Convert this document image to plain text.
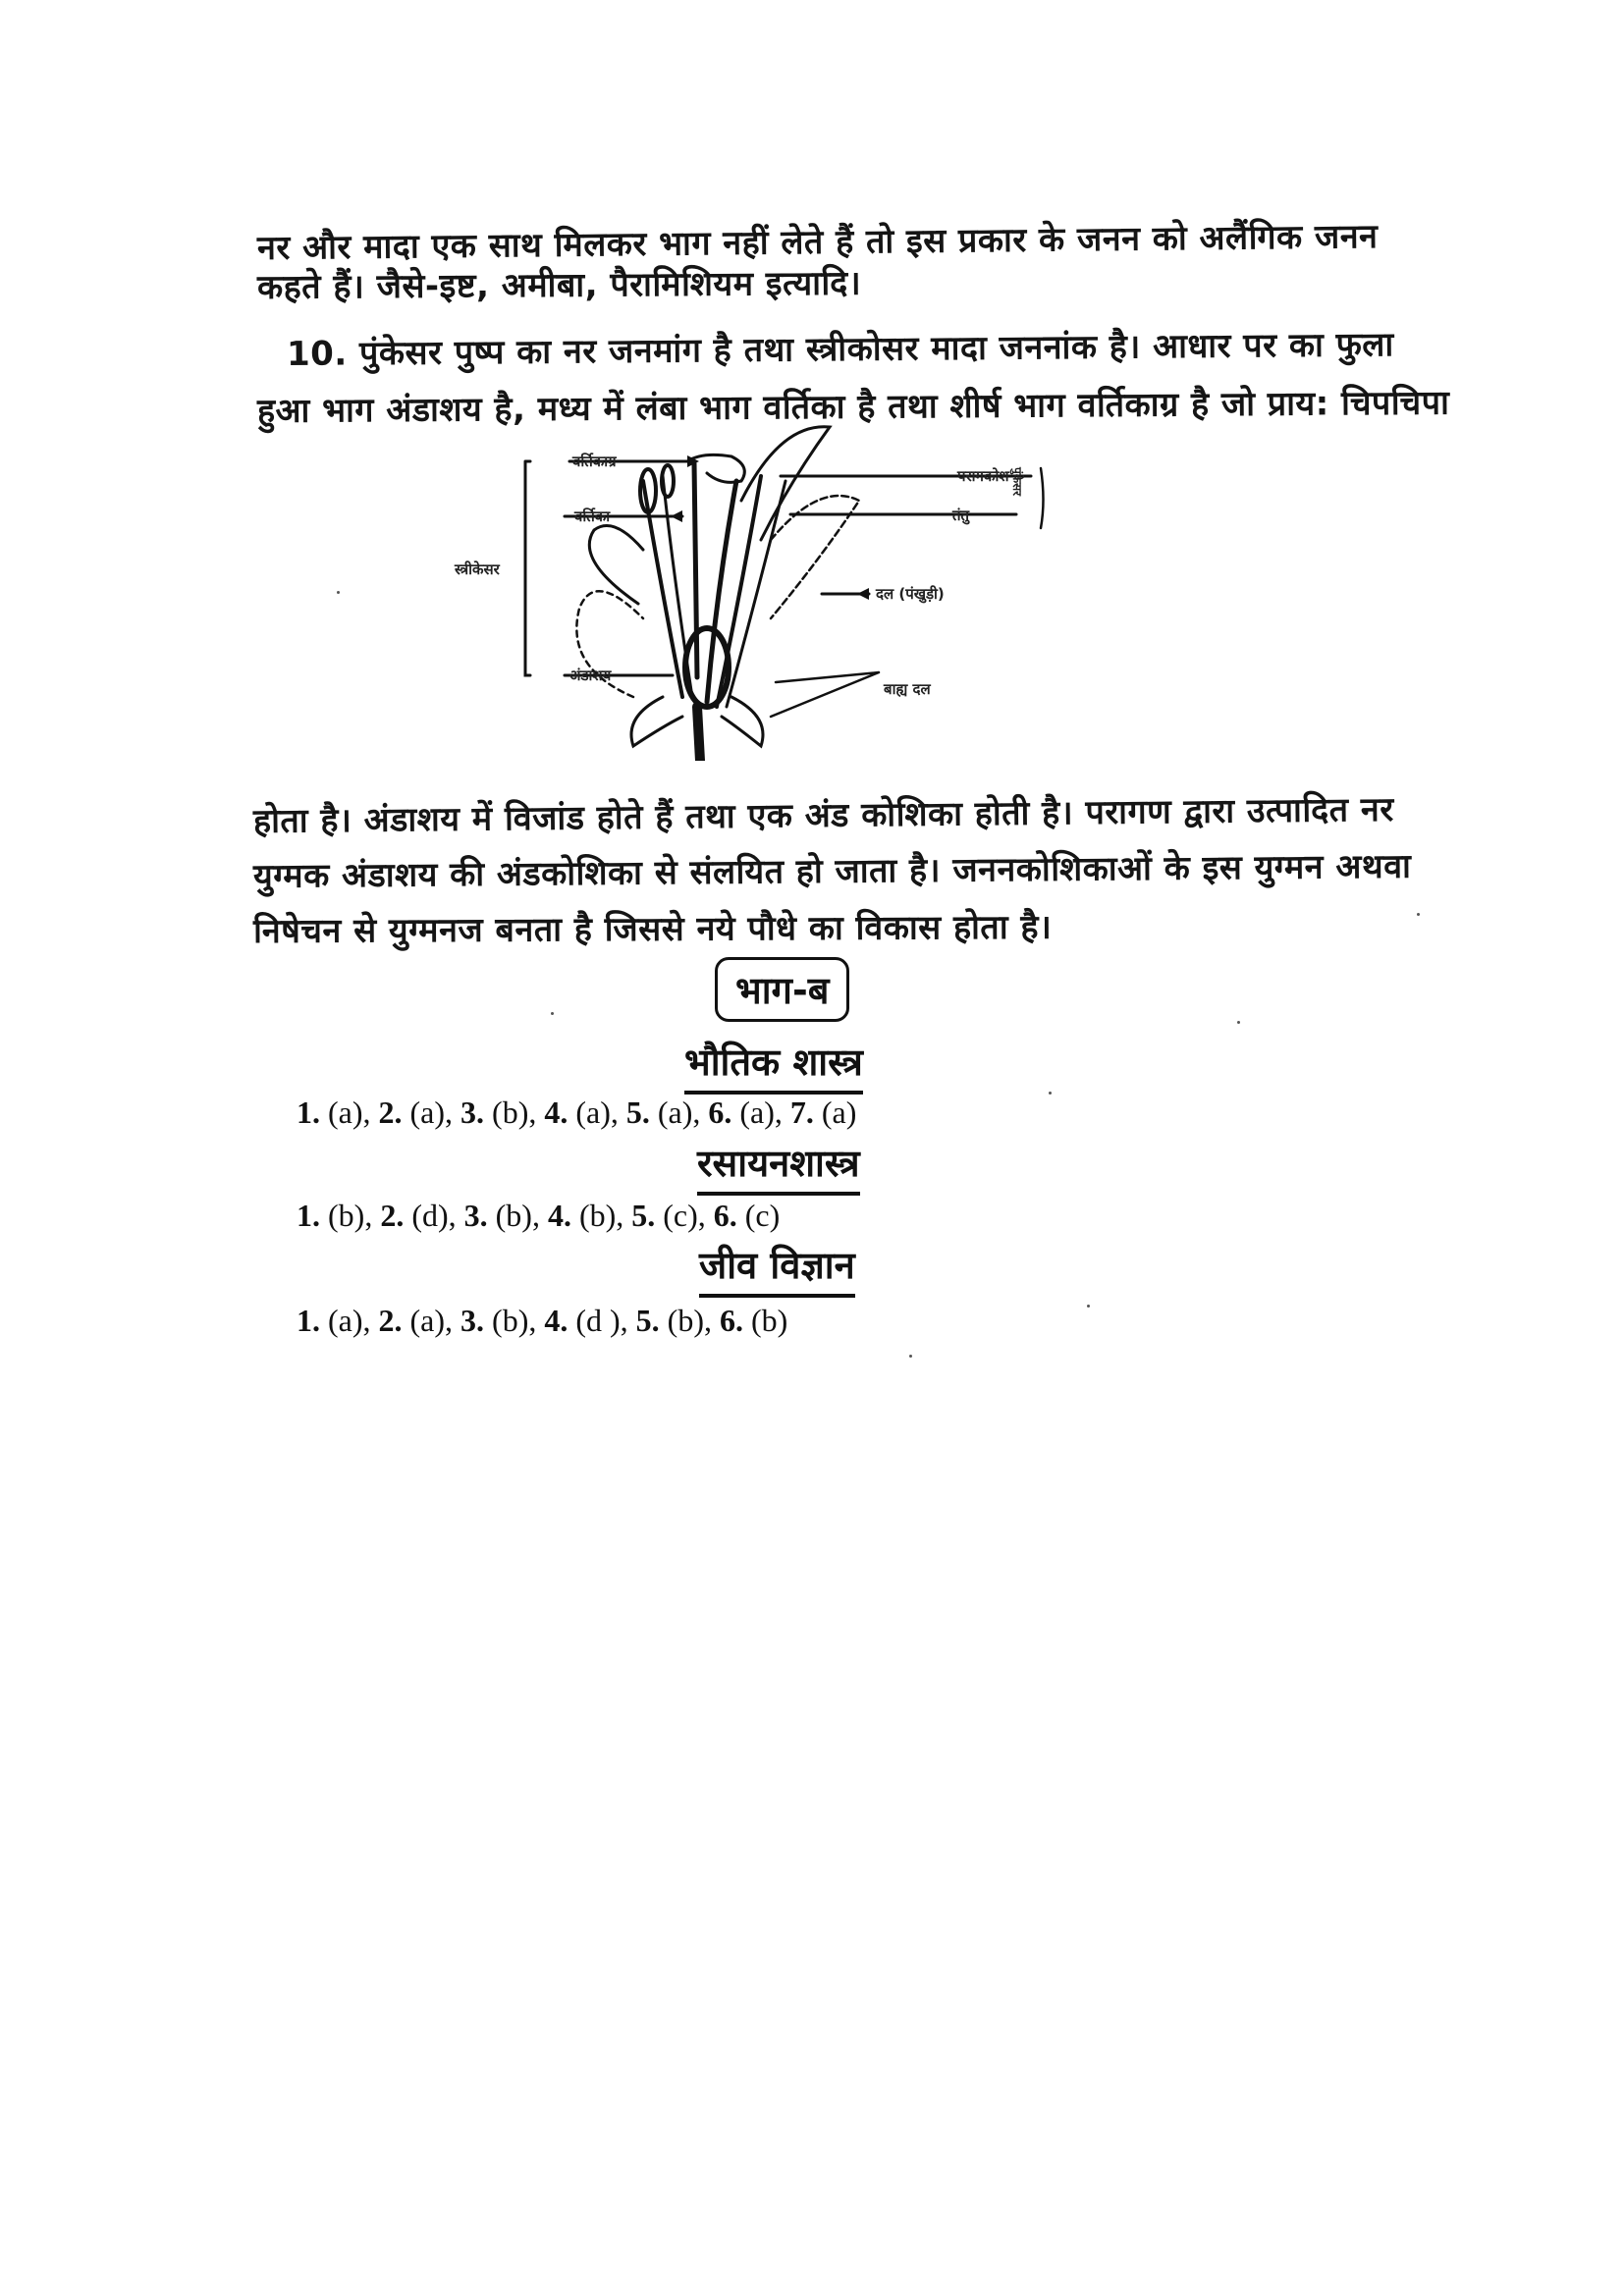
नर और मादा एक साथ मिलकर भाग नहीं लेते हैं तो इस प्रकार के जनन को अलैंगिक जनन
कहते हैं। जैसे-इष्ट, अमीबा, पैरामिशियम इत्यादि।
10. पुंकेसर पुष्प का नर जनमांग है तथा स्त्रीकोसर मादा जननांक है। आधार पर का फुला
हुआ भाग अंडाशय है, मध्य में लंबा भाग वर्तिका है तथा शीर्ष भाग वर्तिकाग्र है जो प्राय: चिपचिपा
वर्तिकाग्र
वर्तिका
स्त्रीकेसर
अंडाशय
परागकोश
तंतु
पुंकेसर
दल (पंखुड़ी)
बाह्य दल
होता है। अंडाशय में विजांड होते हैं तथा एक अंड कोशिका होती है। परागण द्वारा उत्पादित नर
युग्मक अंडाशय की अंडकोशिका से संलयित हो जाता है। जननकोशिकाओं के इस युग्मन अथवा
निषेचन से युग्मनज बनता है जिससे नये पौधे का विकास होता है।
भाग-ब
भौतिक शास्त्र
1. (a), 2. (a), 3. (b), 4. (a), 5. (a), 6. (a), 7. (a)
रसायनशास्त्र
1. (b), 2. (d), 3. (b), 4. (b), 5. (c), 6. (c)
जीव विज्ञान
1. (a), 2. (a), 3. (b), 4. (d ), 5. (b), 6. (b)
